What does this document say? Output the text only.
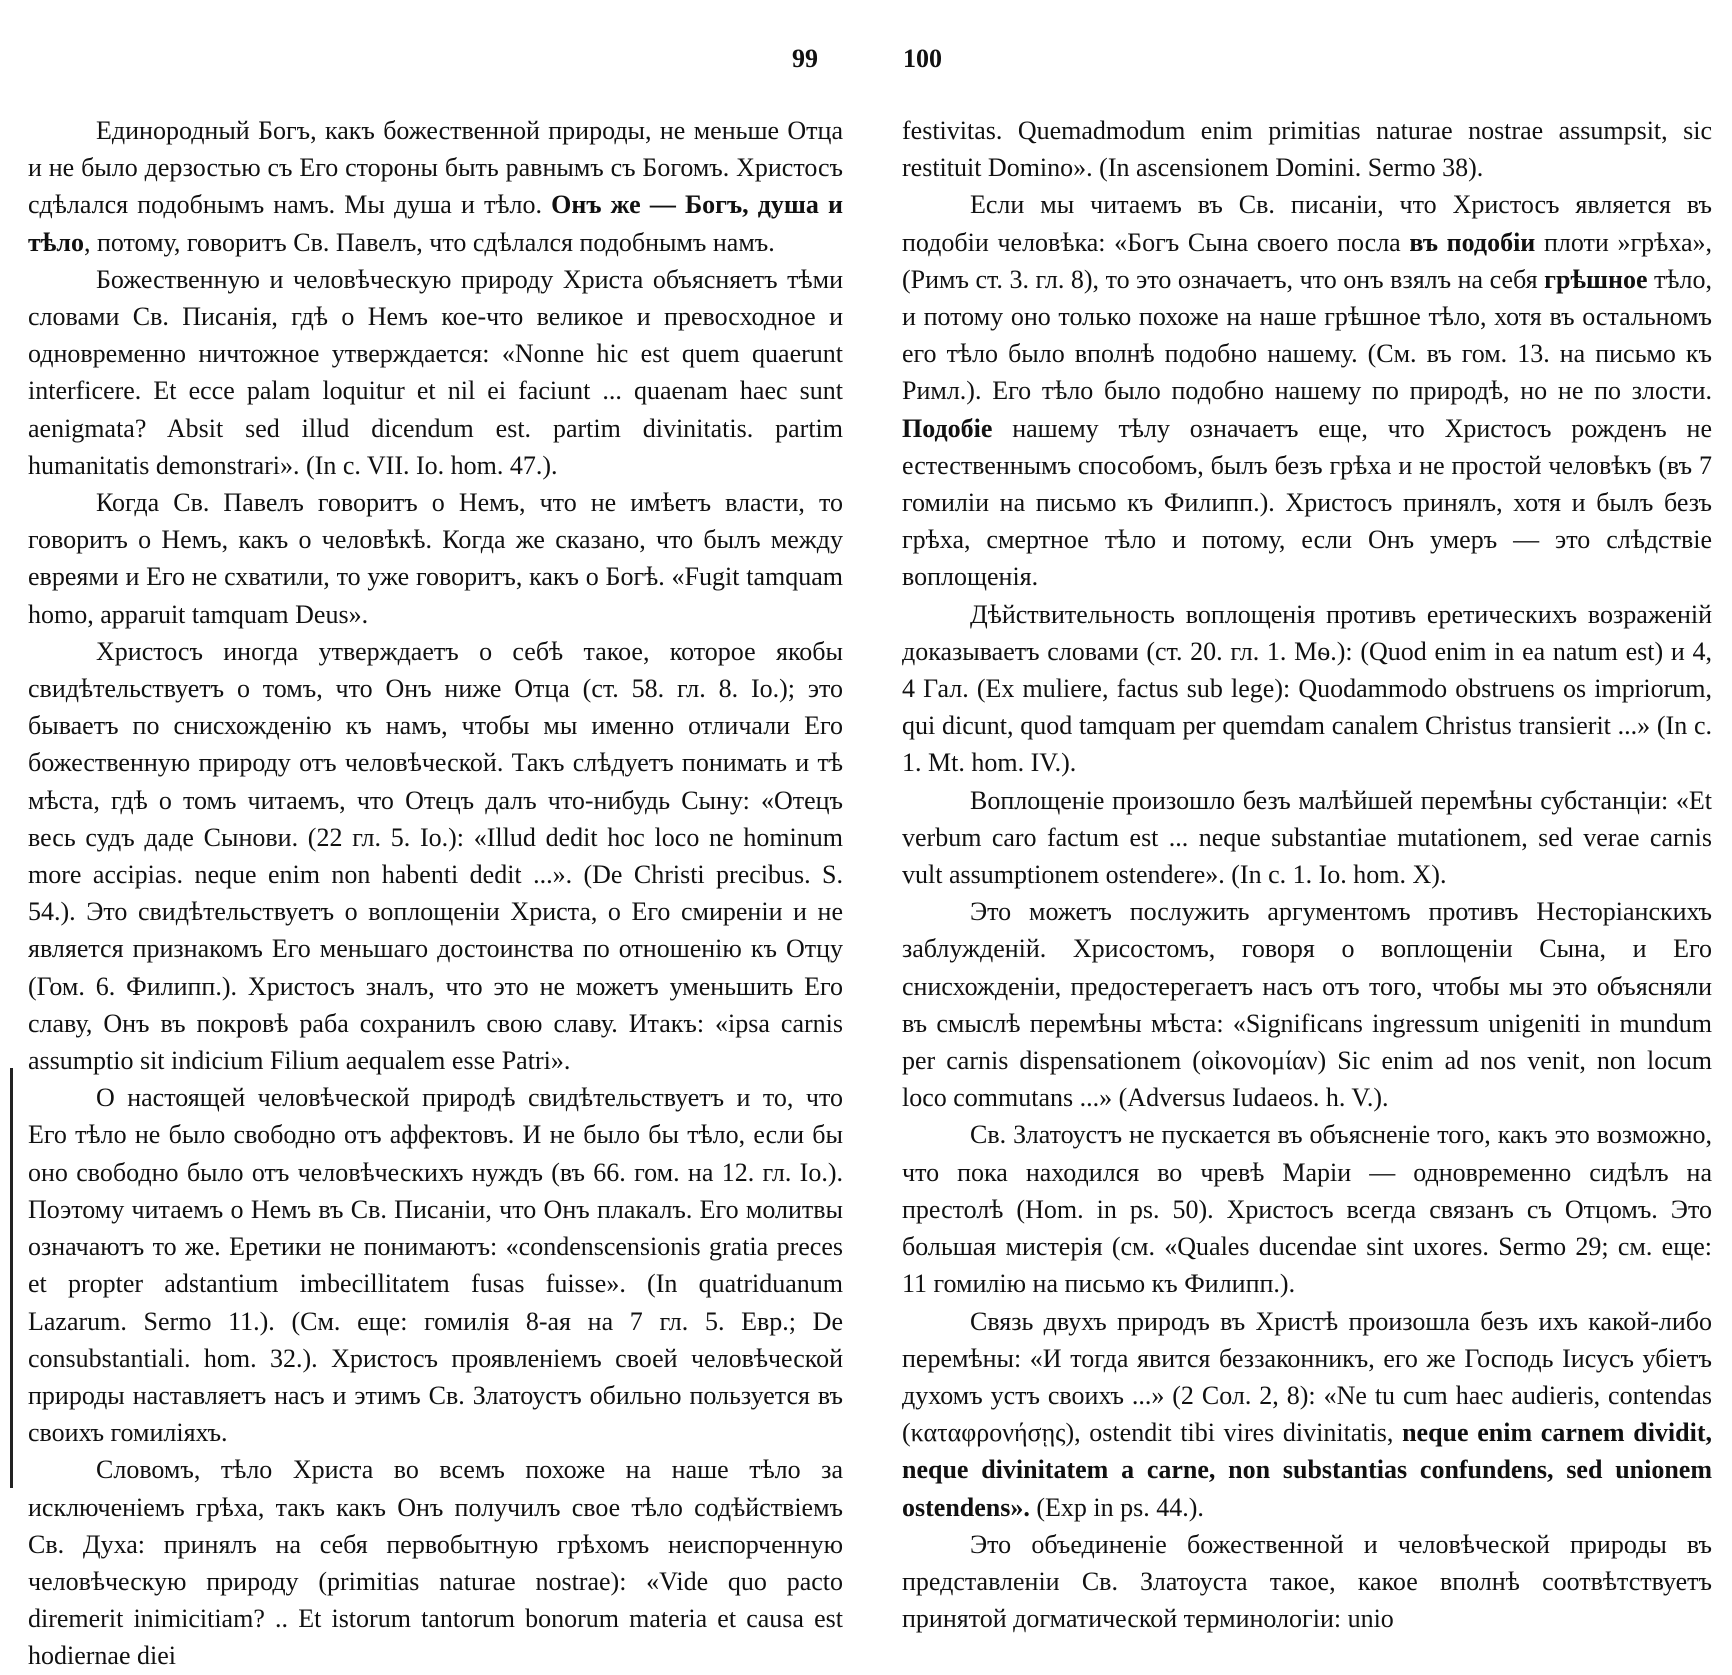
99	100

Единородный Богъ, какъ божественной природы, не меньше Отца и не было дерзостью съ Его стороны быть равнымъ съ Богомъ. Христосъ сдѣлался подобнымъ намъ. Мы душа и тѣло. Онъ же — Богъ, душа и тѣло, потому, говоритъ Св. Павелъ, что сдѣлался подобнымъ намъ.

Божественную и человѣческую природу Христа объясняетъ тѣми словами Св. Писанія, гдѣ о Немъ кое-что великое и превосходное и одновременно ничтожное утверждается: «Nonne hic est quem quaerunt interficere. Et ecce palam loquitur et nil ei faciunt ... quaenam haec sunt aenigmata? Absit sed illud dicendum est. partim divinitatis. partim humanitatis demonstrari». (In c. VII. Io. hom. 47.).

Когда Св. Павелъ говоритъ о Немъ, что не имѣетъ власти, то говоритъ о Немъ, какъ о человѣкѣ. Когда же сказано, что былъ между евреями и Его не схватили, то уже говоритъ, какъ о Богѣ. «Fugit tamquam homo, apparuit tamquam Deus».

Христосъ иногда утверждаетъ о себѣ такое, которое якобы свидѣтельствуетъ о томъ, что Онъ ниже Отца (ст. 58. гл. 8. Io.); это бываетъ по снисхожденію къ намъ, чтобы мы именно отличали Его божественную природу отъ человѣческой. Такъ слѣдуетъ понимать и тѣ мѣста, гдѣ о томъ читаемъ, что Отецъ далъ что-нибудь Сыну: «Отецъ весь судъ даде Сынови. (22 гл. 5. Io.): «Illud dedit hoc loco ne hominum more accipias. neque enim non habenti dedit ...». (De Christi precibus. S. 54.). Это свидѣтельствуетъ о воплощеніи Христа, о Его смиреніи и не является признакомъ Его меньшаго достоинства по отношенію къ Отцу (Гом. 6. Филипп.). Христосъ зналъ, что это не можетъ уменьшить Его славу, Онъ въ покровѣ раба сохранилъ свою славу. Итакъ: «ipsa carnis assumptio sit indicium Filium aequalem esse Patri».

О настоящей человѣческой природѣ свидѣтельствуетъ и то, что Его тѣло не было свободно отъ аффектовъ. И не было бы тѣло, если бы оно свободно было отъ человѣческихъ нуждъ (въ 66. гом. на 12. гл. Io.). Поэтому читаемъ о Немъ въ Св. Писаніи, что Онъ плакалъ. Его молитвы означаютъ то же. Еретики не понимаютъ: «condenscensionis gratia preces et propter adstantium imbecillitatem fusas fuisse». (In quatriduanum Lazarum. Sermo 11.). (См. еще: гомилія 8-ая на 7 гл. 5. Евр.; De consubstantiali. hom. 32.). Христосъ проявленіемъ своей человѣческой природы наставляетъ насъ и этимъ Св. Златоустъ обильно пользуется въ своихъ гомиліяхъ.

Словомъ, тѣло Христа во всемъ похоже на наше тѣло за исключеніемъ грѣха, такъ какъ Онъ получилъ свое тѣло содѣйствіемъ Св. Духа: принялъ на себя первобытную грѣхомъ неиспорченную человѣческую природу (primitias naturae nostrae): «Vide quo pacto diremerit inimicitiam? .. Et istorum tantorum bonorum materia et causa est hodiernae diei

festivitas. Quemadmodum enim primitias naturae nostrae assumpsit, sic restituit Domino». (In ascensionem Domini. Sermo 38).

Если мы читаемъ въ Св. писаніи, что Христосъ является въ подобіи человѣка: «Богъ Сына своего посла въ подобіи плоти »грѣха», (Римъ ст. 3. гл. 8), то это означаетъ, что онъ взялъ на себя грѣшное тѣло, и потому оно только похоже на наше грѣшное тѣло, хотя въ остальномъ его тѣло было вполнѣ подобно нашему. (См. въ гом. 13. на письмо къ Римл.). Его тѣло было подобно нашему по природѣ, но не по злости. Подобіе нашему тѣлу означаетъ еще, что Христосъ рожденъ не естественнымъ способомъ, былъ безъ грѣха и не простой человѣкъ (въ 7 гомиліи на письмо къ Филипп.). Христосъ принялъ, хотя и былъ безъ грѣха, смертное тѣло и потому, если Онъ умеръ — это слѣдствіе воплощенія.

Дѣйствительность воплощенія противъ еретическихъ возраженій доказываетъ словами (ст. 20. гл. 1. Мѳ.): (Quod enim in ea natum est) и 4, 4 Гал. (Ex muliere, factus sub lege): Quodammodo obstruens os impriorum, qui dicunt, quod tamquam per quemdam canalem Christus transierit ...» (In c. 1. Mt. hom. IV.).

Воплощеніе произошло безъ малѣйшей перемѣны субстанціи: «Et verbum caro factum est ... neque substantiae mutationem, sed verae carnis vult assumptionem ostendere». (In c. 1. Io. hom. X).

Это можетъ послужить аргументомъ противъ Несторіанскихъ заблужденій. Хрисостомъ, говоря о воплощеніи Сына, и Его снисхожденіи, предостерегаетъ насъ отъ того, чтобы мы это объясняли въ смыслѣ перемѣны мѣста: «Significans ingressum unigeniti in mundum per carnis dispensationem (οἰκονομίαν) Sic enim ad nos venit, non locum loco commutans ...» (Adversus Iudaeos. h. V.).

Св. Златоустъ не пускается въ объясненіе того, какъ это возможно, что пока находился во чревѣ Маріи — одновременно сидѣлъ на престолѣ (Hom. in ps. 50). Христосъ всегда связанъ съ Отцомъ. Это большая мистерія (см. «Quales ducendae sint uxores. Sermo 29; см. еще: 11 гомилію на письмо къ Филипп.).

Связь двухъ природъ въ Христѣ произошла безъ ихъ какой-либо перемѣны: «И тогда явится беззаконникъ, его же Господь Іисусъ убіетъ духомъ устъ своихъ ...» (2 Сол. 2, 8): «Ne tu cum haec audieris, contendas (καταφρονήσῃς), ostendit tibi vires divinitatis, neque enim carnem dividit, neque divinitatem a carne, non substantias confundens, sed unionem ostendens». (Exp in ps. 44.).

Это объединеніе божественной и человѣческой природы въ представленіи Св. Златоуста такое, какое вполнѣ соотвѣтствуетъ принятой догматической терминологіи: unio
